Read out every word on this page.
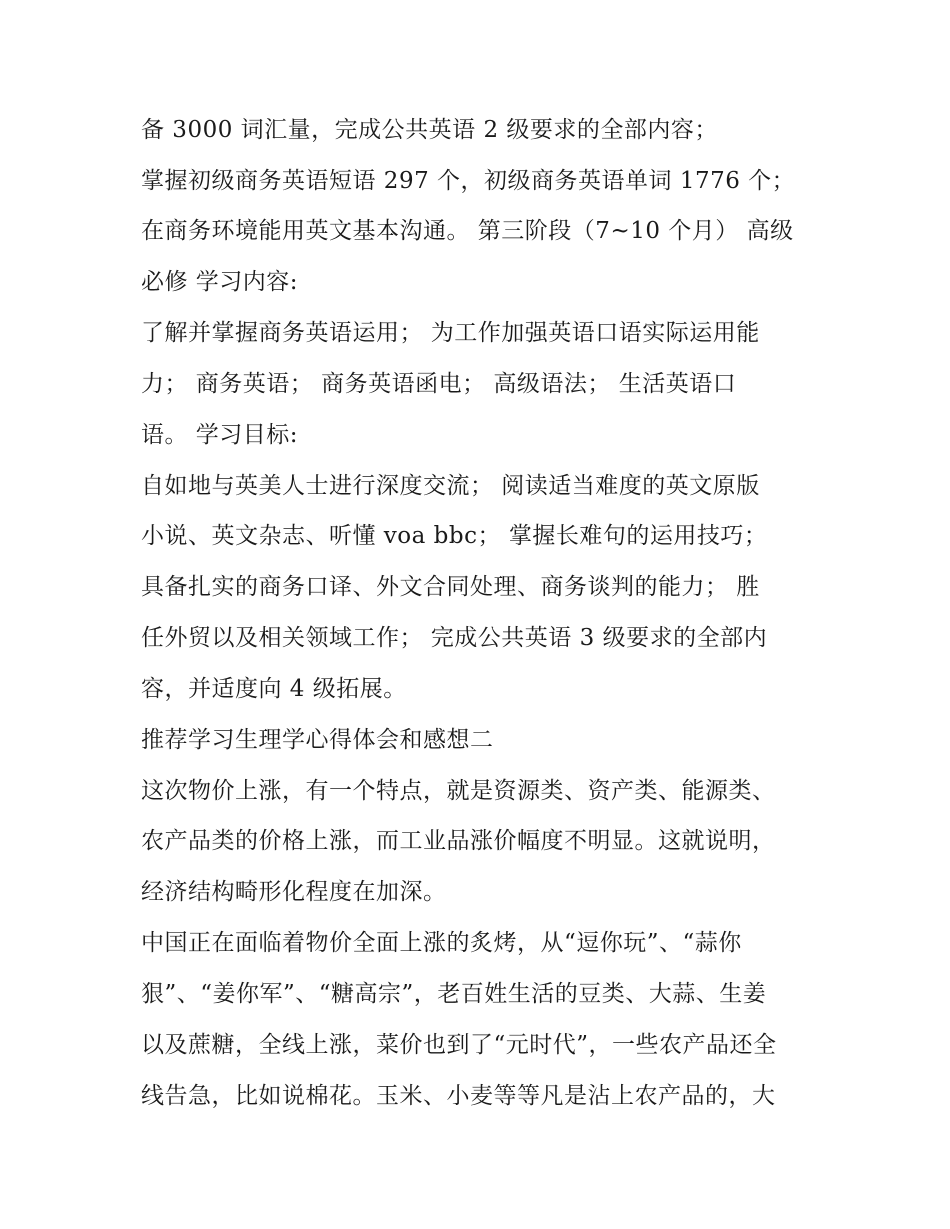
备 3000 词汇量，完成公共英语 2 级要求的全部内容；
掌握初级商务英语短语 297 个，初级商务英语单词 1776 个；
在商务环境能用英文基本沟通。 第三阶段（7~10 个月） 高级
必修 学习内容:
了解并掌握商务英语运用； 为工作加强英语口语实际运用能
力； 商务英语； 商务英语函电； 高级语法； 生活英语口
语。 学习目标:
自如地与英美人士进行深度交流； 阅读适当难度的英文原版
小说、英文杂志、听懂 voa bbc； 掌握长难句的运用技巧；
具备扎实的商务口译、外文合同处理、商务谈判的能力； 胜
任外贸以及相关领域工作； 完成公共英语 3 级要求的全部内
容，并适度向 4 级拓展。
推荐学习生理学心得体会和感想二
这次物价上涨，有一个特点，就是资源类、资产类、能源类、
农产品类的价格上涨，而工业品涨价幅度不明显。这就说明，
经济结构畸形化程度在加深。
中国正在面临着物价全面上涨的炙烤，从“逗你玩”、“蒜你
狠”、“姜你军”、“糖高宗”，老百姓生活的豆类、大蒜、生姜
以及蔗糖，全线上涨，菜价也到了“元时代”，一些农产品还全
线告急，比如说棉花。玉米、小麦等等凡是沾上农产品的，大
